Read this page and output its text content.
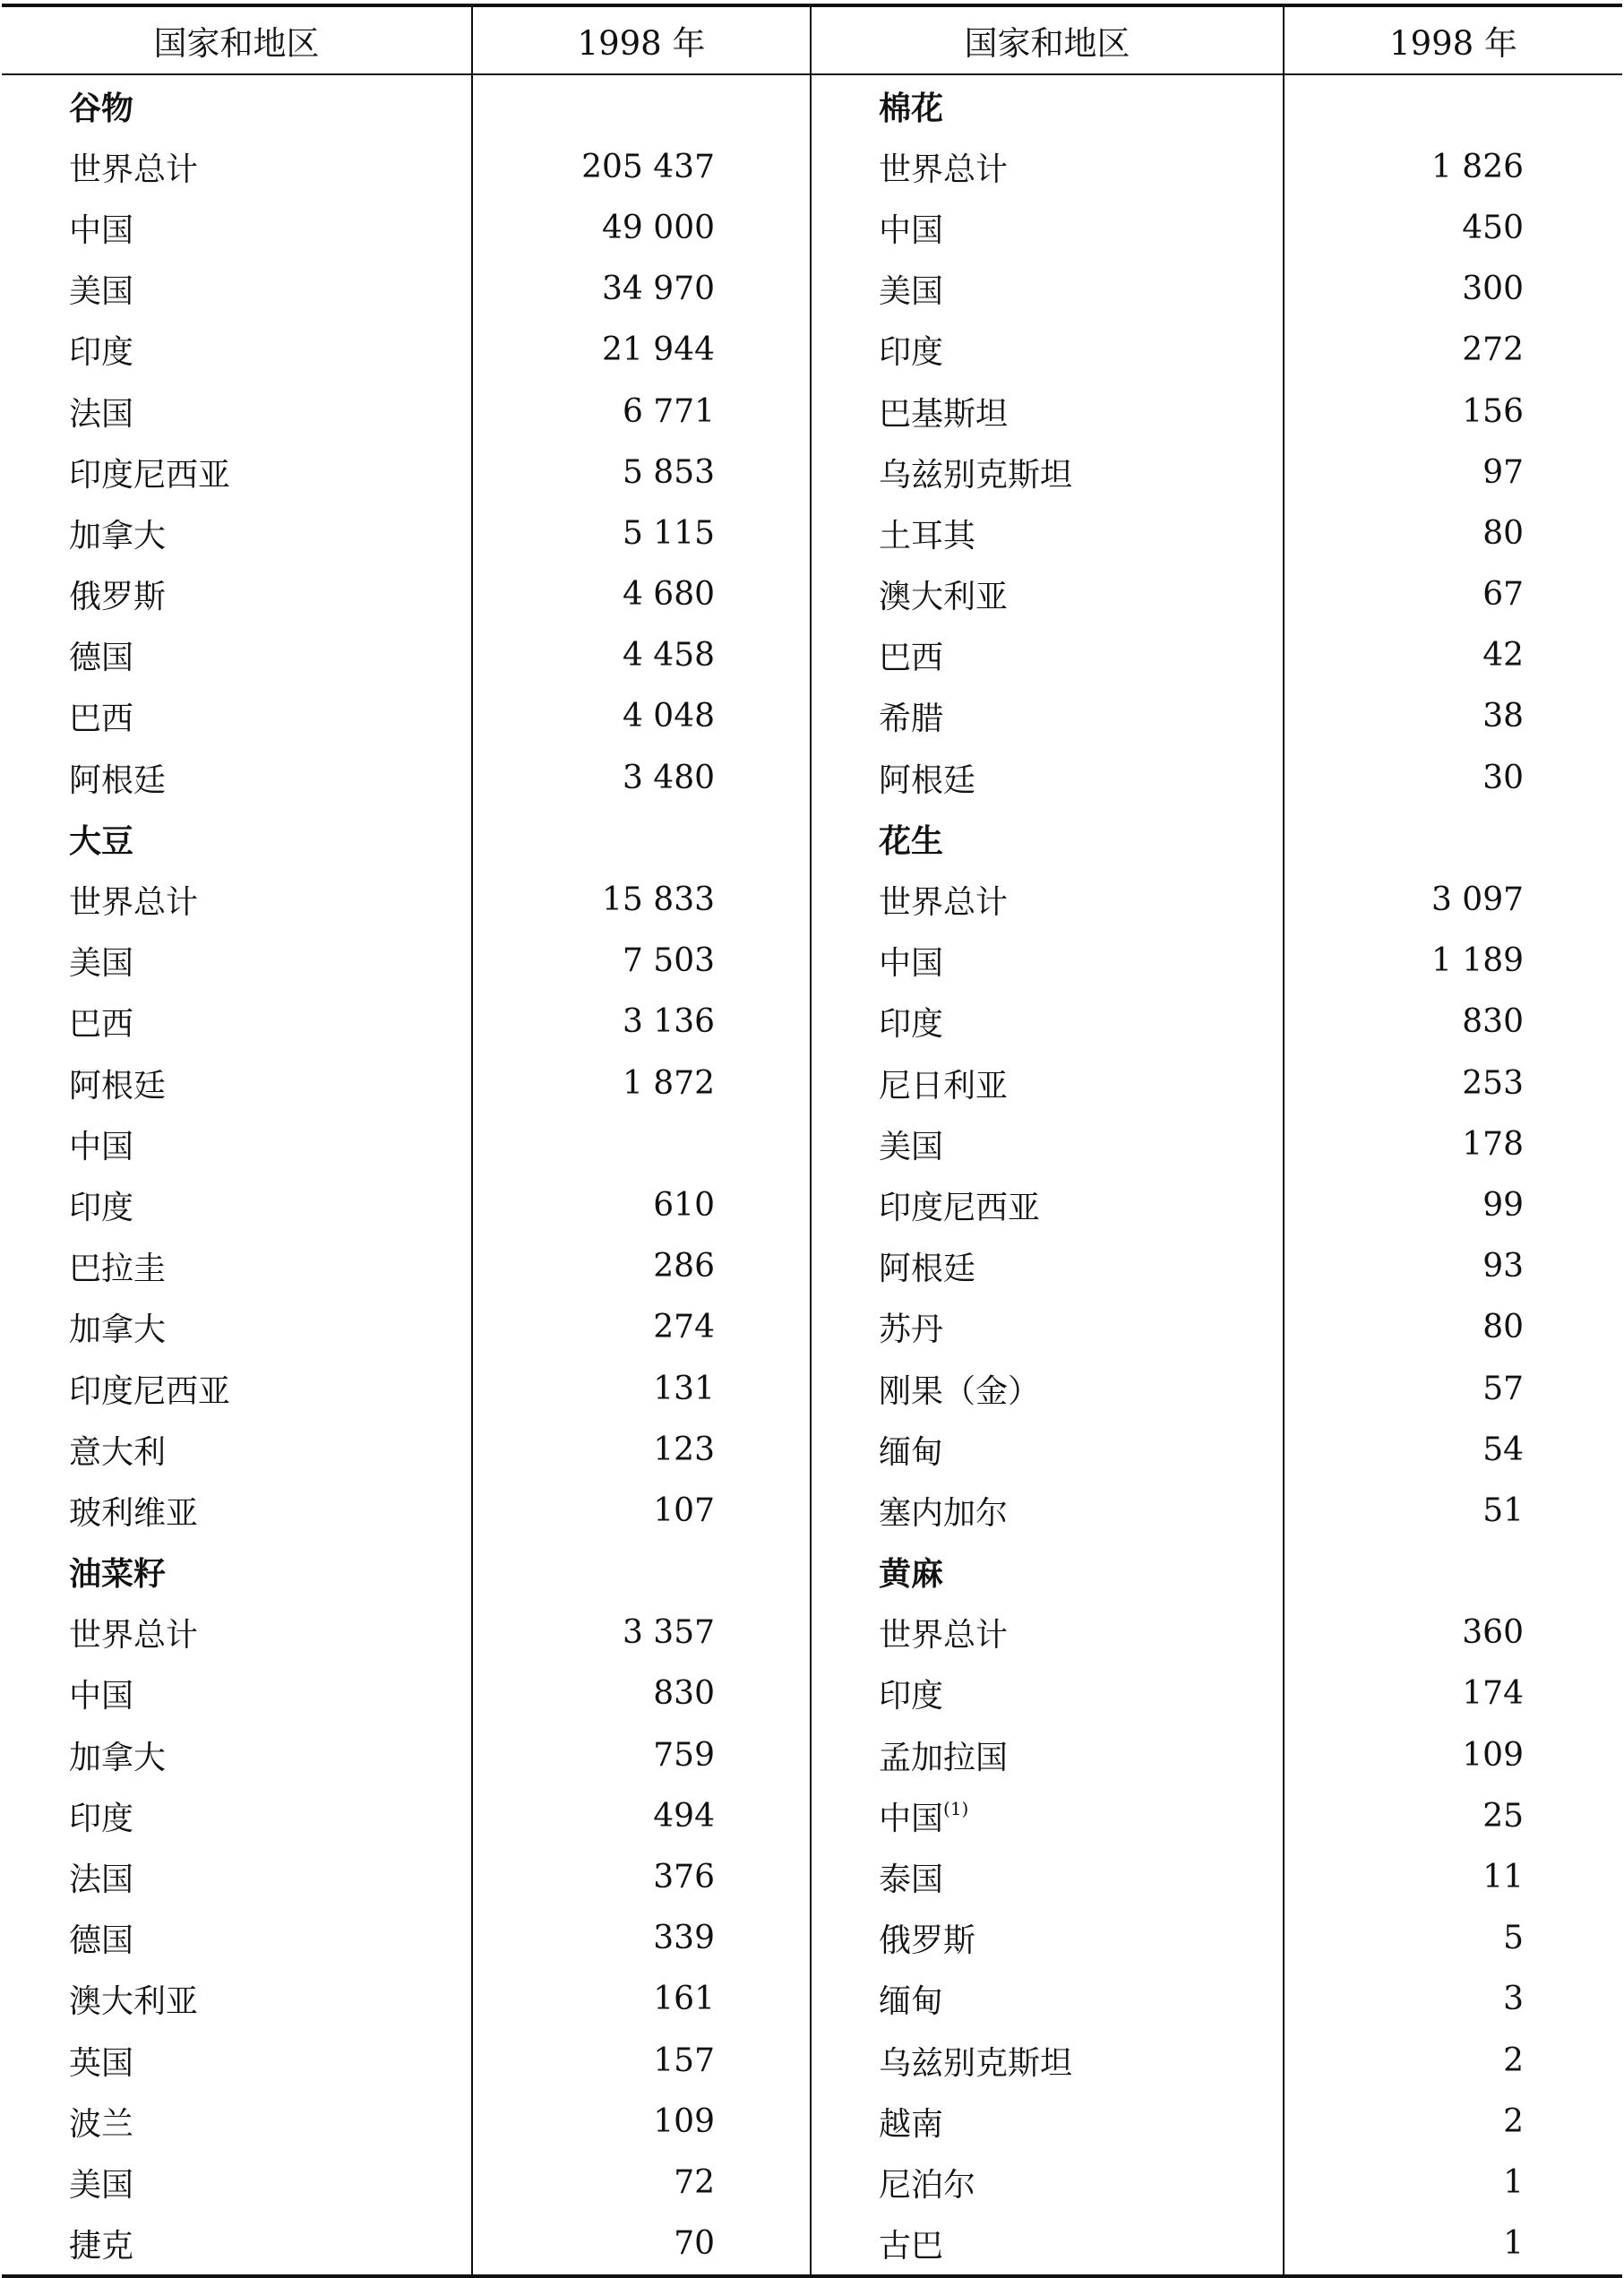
国家和地区	1998 年	国家和地区	1998 年
谷物		棉花	
世界总计	205 437	世界总计	1 826
中国	49 000	中国	450
美国	34 970	美国	300
印度	21 944	印度	272
法国	6 771	巴基斯坦	156
印度尼西亚	5 853	乌兹别克斯坦	97
加拿大	5 115	土耳其	80
俄罗斯	4 680	澳大利亚	67
德国	4 458	巴西	42
巴西	4 048	希腊	38
阿根廷	3 480	阿根廷	30
大豆		花生	
世界总计	15 833	世界总计	3 097
美国	7 503	中国	1 189
巴西	3 136	印度	830
阿根廷	1 872	尼日利亚	253
中国		美国	178
印度	610	印度尼西亚	99
巴拉圭	286	阿根廷	93
加拿大	274	苏丹	80
印度尼西亚	131	刚果（金）	57
意大利	123	缅甸	54
玻利维亚	107	塞内加尔	51
油菜籽		黄麻	
世界总计	3 357	世界总计	360
中国	830	印度	174
加拿大	759	孟加拉国	109
印度	494	中国$^{(1)}$	25
法国	376	泰国	11
德国	339	俄罗斯	5
澳大利亚	161	缅甸	3
英国	157	乌兹别克斯坦	2
波兰	109	越南	2
美国	72	尼泊尔	1
捷克	70	古巴	1
